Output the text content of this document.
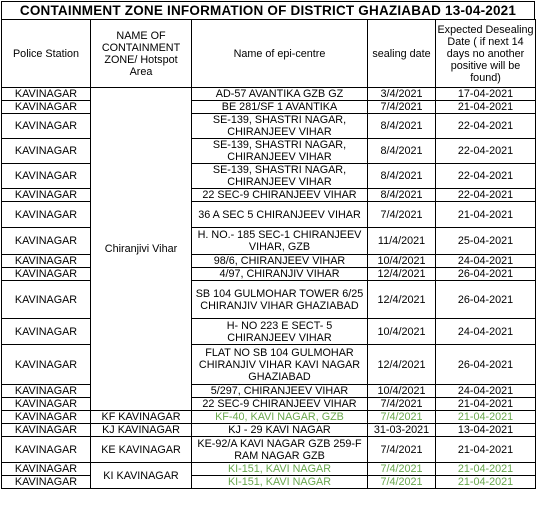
CONTAINMENT ZONE INFORMATION OF DISTRICT GHAZIABAD 13-04-2021
Police Station	NAME OF CONTAINMENT ZONE/ Hotspot Area	Name of epi-centre	sealing date	Expected Desealing Date ( if next 14 days no another positive will be found)
KAVINAGAR	Chiranjivi Vihar	AD-57 AVANTIKA GZB GZ	3/4/2021	17-04-2021
KAVINAGAR		BE 281/SF 1 AVANTIKA	7/4/2021	21-04-2021
KAVINAGAR		SE-139, SHASTRI NAGAR, CHIRANJEEV VIHAR	8/4/2021	22-04-2021
KAVINAGAR		SE-139, SHASTRI NAGAR, CHIRANJEEV VIHAR	8/4/2021	22-04-2021
KAVINAGAR		SE-139, SHASTRI NAGAR, CHIRANJEEV VIHAR	8/4/2021	22-04-2021
KAVINAGAR		22 SEC-9 CHIRANJEEV VIHAR	8/4/2021	22-04-2021
KAVINAGAR		36 A SEC 5 CHIRANJEEV VIHAR	7/4/2021	21-04-2021
KAVINAGAR		H. NO.- 185 SEC-1 CHIRANJEEV VIHAR, GZB	11/4/2021	25-04-2021
KAVINAGAR		98/6, CHIRANJEEV VIHAR	10/4/2021	24-04-2021
KAVINAGAR		4/97, CHIRANJIV VIHAR	12/4/2021	26-04-2021
KAVINAGAR		SB 104 GULMOHAR TOWER 6/25 CHIRANJIV VIHAR GHAZIABAD	12/4/2021	26-04-2021
KAVINAGAR		H- NO 223 E SECT- 5 CHIRANJEEV VIHAR	10/4/2021	24-04-2021
KAVINAGAR		FLAT NO SB 104 GULMOHAR CHIRANJIV VIHAR KAVI NAGAR GHAZIABAD	12/4/2021	26-04-2021
KAVINAGAR		5/297, CHIRANJEEV VIHAR	10/4/2021	24-04-2021
KAVINAGAR		22 SEC-9 CHIRANJEEV VIHAR	7/4/2021	21-04-2021
KAVINAGAR	KF KAVINAGAR	KF-40, KAVI NAGAR, GZB	7/4/2021	21-04-2021
KAVINAGAR	KJ KAVINAGAR	KJ - 29 KAVI NAGAR	31-03-2021	13-04-2021
KAVINAGAR	KE KAVINAGAR	KE-92/A KAVI NAGAR GZB 259-F RAM NAGAR GZB	7/4/2021	21-04-2021
KAVINAGAR	KI KAVINAGAR	KI-151, KAVI NAGAR	7/4/2021	21-04-2021
KAVINAGAR		KI-151, KAVI NAGAR	7/4/2021	21-04-2021
